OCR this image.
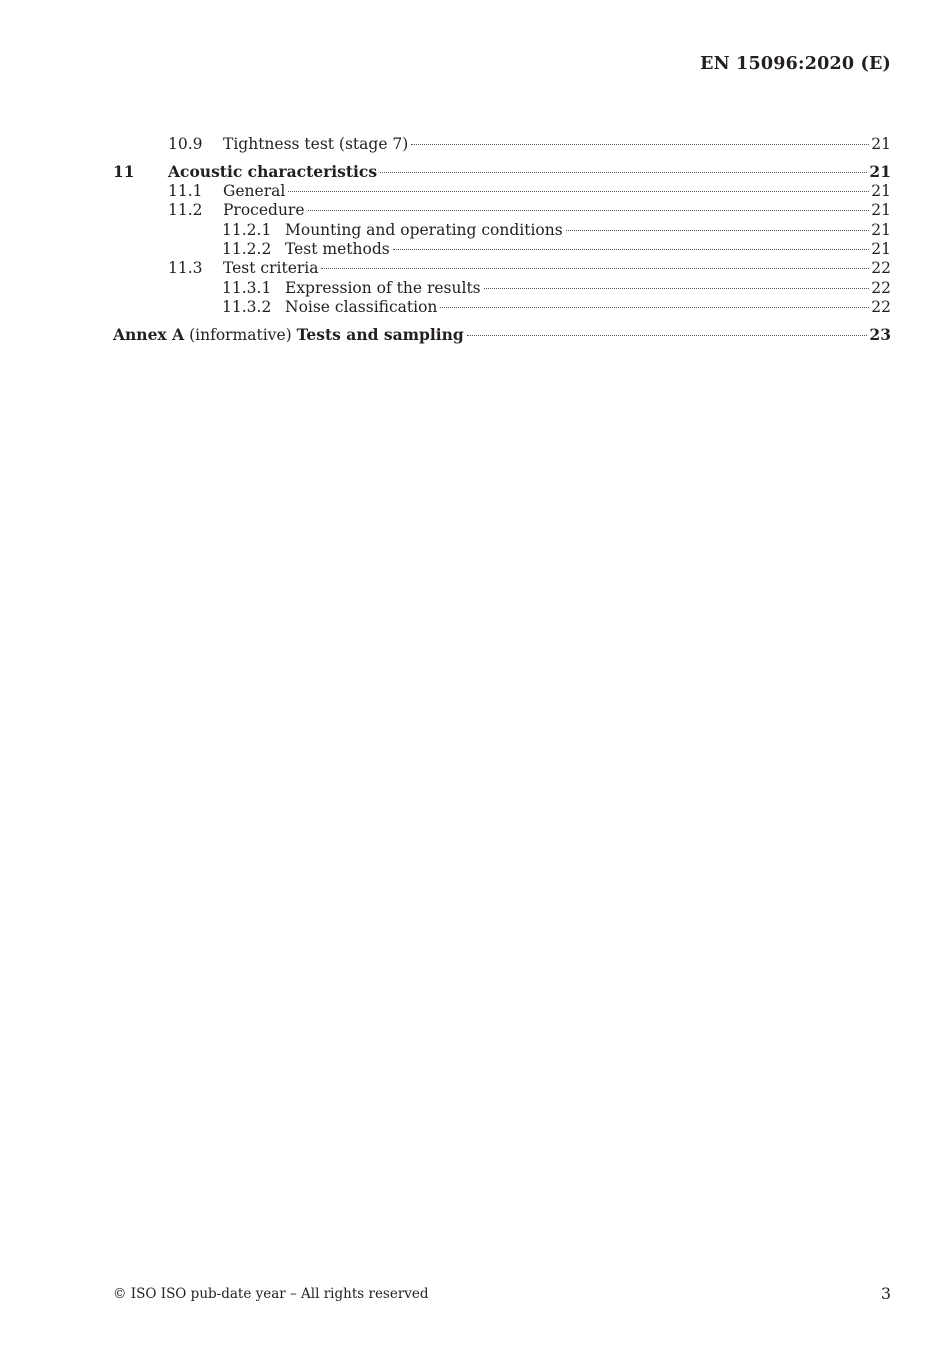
EN 15096:2020 (E)
10.9	Tightness test (stage 7)	21
11	Acoustic characteristics	21
11.1	General	21
11.2	Procedure	21
11.2.1 Mounting and operating conditions	21
11.2.2 Test methods	21
11.3	Test criteria	22
11.3.1 Expression of the results	22
11.3.2 Noise classification	22
Annex A (informative) Tests and sampling	23
© ISO ISO pub-date year – All rights reserved	3
